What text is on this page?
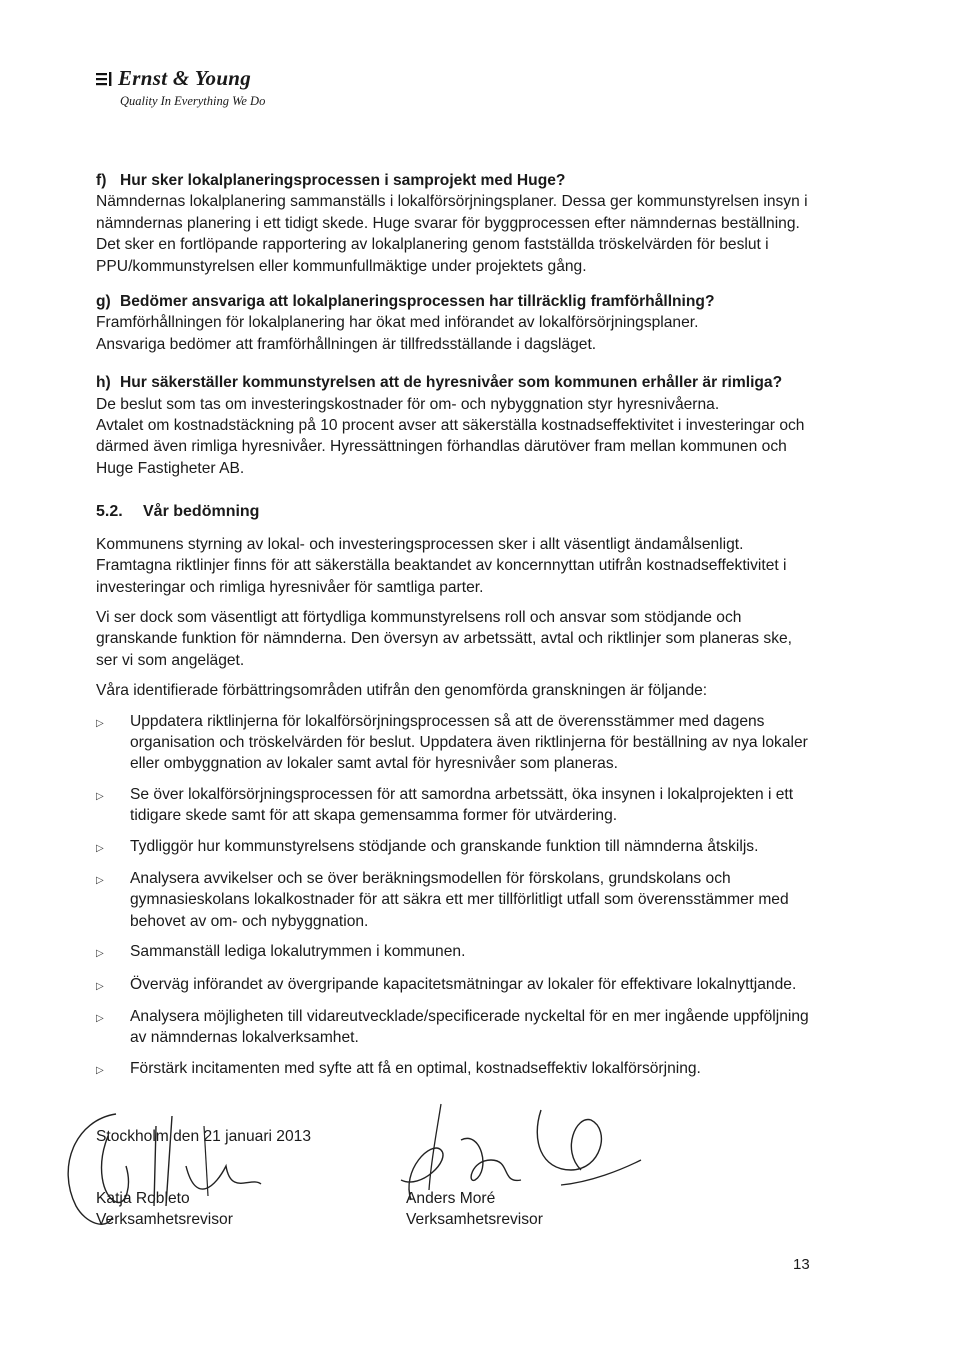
Ernst & Young
Quality In Everything We Do
f) Hur sker lokalplaneringsprocessen i samprojekt med Huge?

Nämndernas lokalplanering sammanställs i lokalförsörjningsplaner. Dessa ger kommunstyrelsen insyn i nämndernas planering i ett tidigt skede. Huge svarar för byggprocessen efter nämndernas beställning. Det sker en fortlöpande rapportering av lokalplanering genom fastställda tröskelvärden för beslut i PPU/kommunstyrelsen eller kommunfullmäktige under projektets gång.

g) Bedömer ansvariga att lokalplaneringsprocessen har tillräcklig framförhållning?

Framförhållningen för lokalplanering har ökat med införandet av lokalförsörjningsplaner.

Ansvariga bedömer att framförhållningen är tillfredsställande i dagsläget.

h) Hur säkerställer kommunstyrelsen att de hyresnivåer som kommunen erhåller är rimliga?

De beslut som tas om investeringskostnader för om- och nybyggnation styr hyresnivåerna.

Avtalet om kostnadstäckning på 10 procent avser att säkerställa kostnadseffektivitet i investeringar och därmed även rimliga hyresnivåer. Hyressättningen förhandlas därutöver fram mellan kommunen och Huge Fastigheter AB.

5.2.	Vår bedömning

Kommunens styrning av lokal- och investeringsprocessen sker i allt väsentligt ändamålsenligt. Framtagna riktlinjer finns för att säkerställa beaktandet av koncernnyttan utifrån kostnadseffektivitet i investeringar och rimliga hyresnivåer för samtliga parter.

Vi ser dock som väsentligt att förtydliga kommunstyrelsens roll och ansvar som stödjande och granskande funktion för nämnderna. Den översyn av arbetssätt, avtal och riktlinjer som planeras ske, ser vi som angeläget.

Våra identifierade förbättringsområden utifrån den genomförda granskningen är följande:

▷	Uppdatera riktlinjerna för lokalförsörjningsprocessen så att de överensstämmer med dagens organisation och tröskelvärden för beslut. Uppdatera även riktlinjerna för beställning av nya lokaler eller ombyggnation av lokaler samt avtal för hyresnivåer som planeras.
▷	Se över lokalförsörjningsprocessen för att samordna arbetssätt, öka insynen i lokalprojekten i ett tidigare skede samt för att skapa gemensamma former för utvärdering.
▷	Tydliggör hur kommunstyrelsens stödjande och granskande funktion till nämnderna åtskiljs.
▷	Analysera avvikelser och se över beräkningsmodellen för förskolans, grundskolans och gymnasieskolans lokalkostnader för att säkra ett mer tillförlitligt utfall som överensstämmer med behovet av om- och nybyggnation.
▷	Sammanställ lediga lokalutrymmen i kommunen.
▷	Överväg införandet av övergripande kapacitetsmätningar av lokaler för effektivare lokalnyttjande.
▷	Analysera möjligheten till vidareutveckladе/specificerade nyckeltal för en mer ingående uppföljning av nämndernas lokalverksamhet.
▷	Förstärk incitamenten med syfte att få en optimal, kostnadseffektiv lokalförsörjning.
Stockholm den 21 januari 2013
Katja Robleto
Verksamhetsrevisor
Anders Moré
Verksamhetsrevisor
13
